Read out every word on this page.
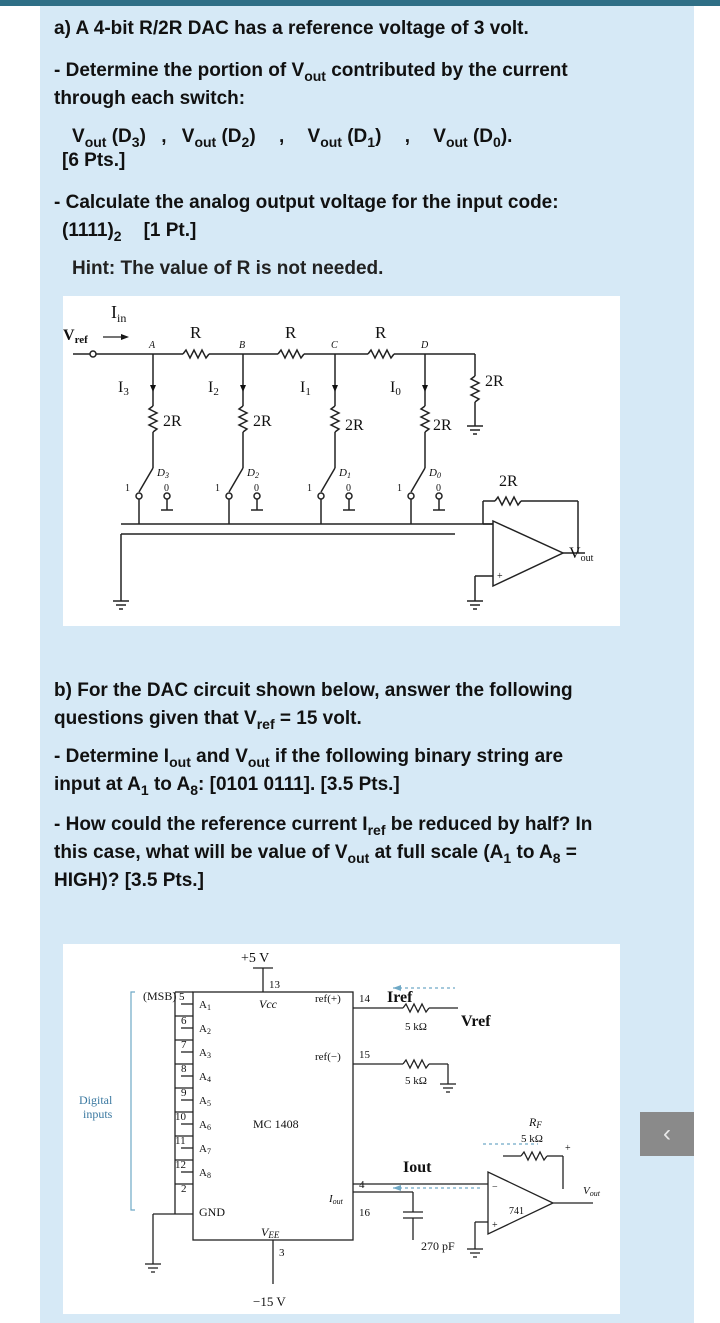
a) A 4-bit R/2R DAC has a reference voltage of 3 volt.
- Determine the portion of $V_{out}$ contributed by the current
through each switch:
$V_{out}$ $(D_3)$ , $V_{out}$ $(D_2)$ , $V_{out}$ $(D_1)$ , $V_{out}$ $(D_0)$.
[6 Pts.]
- Calculate the analog output voltage for the input code:
$(1111)_2$ [1 Pt.]
Hint: The value of R is not needed.
Vref
$I_{in}$
A	B	C	D
R	R	R
I3	I2	I1	I0
2R	2R	2R	2R
2R
D3	D2	D1	D0
1	0	1	0	1	0	1	0	2R
+
Vout
b) For the DAC circuit shown below, answer the following
questions given that $V_{ref} = 15$ volt.
- Determine $I_{out}$ and $V_{out}$ if the following binary string are
input at $A_1$ to $A_8$: [0101 0111]. [3.5 Pts.]
- How could the reference current $I_{ref}$ be reduced by half? In
this case, what will be value of $V_{out}$ at full scale ($A_1$ to $A_8$ =
HIGH)? [3.5 Pts.]
+5 V
13
Vcc
(MSB) 5
6
7
8
9
10
11
12
2
A1
A2
A3
A4
A5
A6
A7
A8
GND
Digital
inputs
MC 1408
ref(+)
ref(−)
14
15
Iref
5 kΩ
5 kΩ
Vref
Iout
4
16
Iout
VEE
3
−15 V
RF
5 kΩ
741
Vout
270 pF
−
+
+
‹
